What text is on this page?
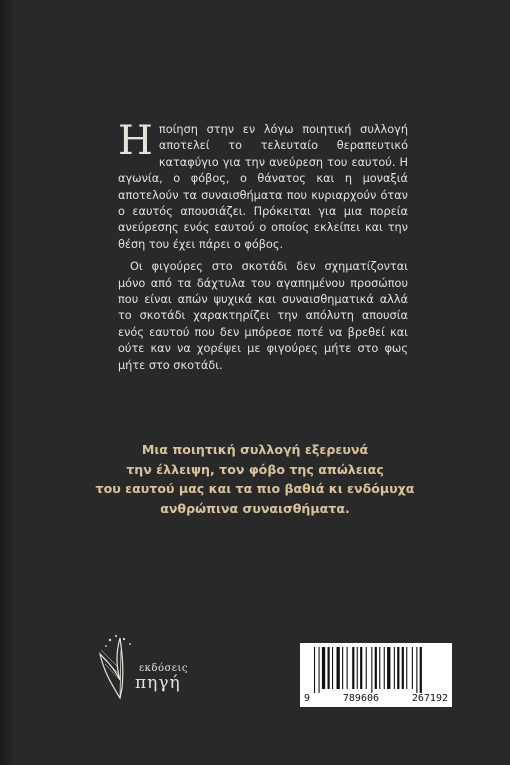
Ηποίηση στην εν λόγω ποιητική συλλογή αποτελεί το τελευταίο θεραπευτικό καταφύγιο για την ανεύρεση του εαυτού. Η αγωνία, ο φόβος, ο θάνατος και η μοναξιά αποτελούν τα συναισθήματα που κυριαρχούν όταν ο εαυτός απουσιάζει. Πρόκειται για μια πορεία ανεύρεσης ενός εαυτού ο οποίος εκλείπει και την θέση του έχει πάρει ο φόβος.

Οι φιγούρες στο σκοτάδι δεν σχηματίζονται μόνο από τα δάχτυλα του αγαπημένου προσώπου που είναι απών ψυχικά και συναισθηματικά αλλά το σκοτάδι χαρακτηρίζει την απόλυτη απουσία ενός εαυτού που δεν μπόρεσε ποτέ να βρεθεί και ούτε καν να χορέψει με φιγούρες μήτε στο φως μήτε στο σκοτάδι.

Μια ποιητική συλλογή εξερευνά
την έλλειψη, τον φόβο της απώλειας
του εαυτού μας και τα πιο βαθιά κι ενδόμυχα
ανθρώπινα συναισθήματα.
εκδόσεις
πηγή
9	789606	267192
